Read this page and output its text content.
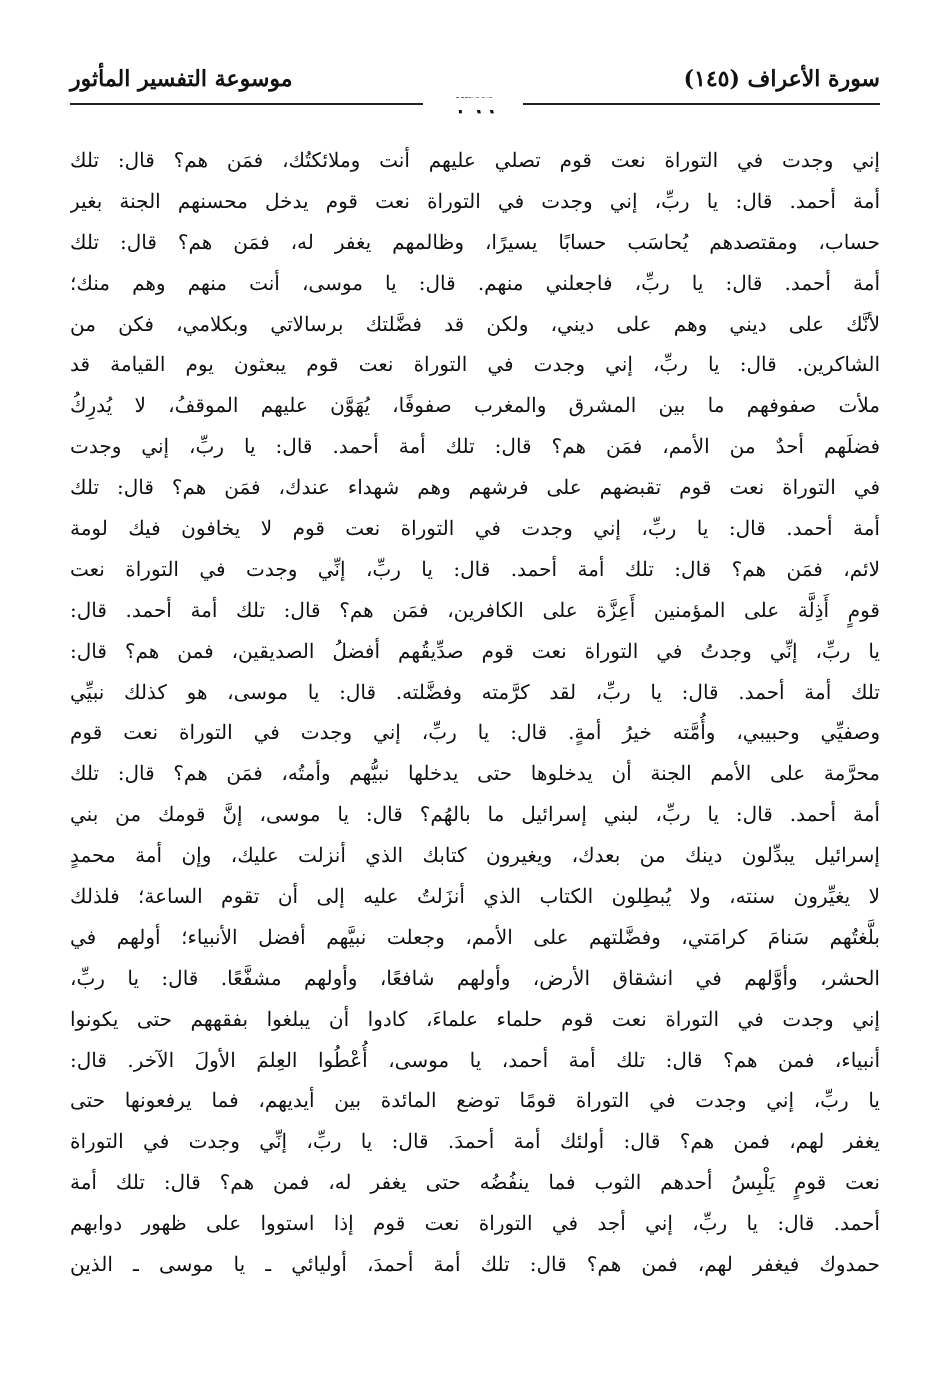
سورة الأعراف (١٤٥)
موسوعة التفسير المأثور
إني وجدت في التوراة نعت قوم تصلي عليهم أنت وملائكتُك، فمَن هم؟ قال: تلك
أمة أحمد. قال: يا ربِّ، إني وجدت في التوراة نعت قوم يدخل محسنهم الجنة بغير
حساب، ومقتصدهم يُحاسَب حسابًا يسيرًا، وظالمهم يغفر له، فمَن هم؟ قال: تلك
أمة أحمد. قال: يا ربِّ، فاجعلني منهم. قال: يا موسى، أنت منهم وهم منك؛
لأنَّك على ديني وهم على ديني، ولكن قد فضَّلتك برسالاتي وبكلامي، فكن من
الشاكرين. قال: يا ربِّ، إني وجدت في التوراة نعت قوم يبعثون يوم القيامة قد
ملأت صفوفهم ما بين المشرق والمغرب صفوفًا، يُهَوَّن عليهم الموقفُ، لا يُدرِكُ
فضلَهم أحدٌ من الأمم، فمَن هم؟ قال: تلك أمة أحمد. قال: يا ربِّ، إني وجدت
في التوراة نعت قوم تقبضهم على فرشهم وهم شهداء عندك، فمَن هم؟ قال: تلك
أمة أحمد. قال: يا ربِّ، إني وجدت في التوراة نعت قوم لا يخافون فيك لومة
لائم، فمَن هم؟ قال: تلك أمة أحمد. قال: يا ربِّ، إنِّي وجدت في التوراة نعت
قومٍ أَذِلَّة على المؤمنين أَعِزَّة على الكافرين، فمَن هم؟ قال: تلك أمة أحمد. قال:
يا ربِّ، إنِّي وجدتُ في التوراة نعت قوم صدِّيقُهم أفضلُ الصديقين، فمن هم؟ قال:
تلك أمة أحمد. قال: يا ربِّ، لقد كرَّمته وفضَّلته. قال: يا موسى، هو كذلك نبيِّي
وصفيِّي وحبيبي، وأُمَّته خيرُ أمةٍ. قال: يا ربِّ، إني وجدت في التوراة نعت قوم
محرَّمة على الأمم الجنة أن يدخلوها حتى يدخلها نبيُّهم وأمتُه، فمَن هم؟ قال: تلك
أمة أحمد. قال: يا ربِّ، لبني إسرائيل ما بالهُم؟ قال: يا موسى، إنَّ قومك من بني
إسرائيل يبدِّلون دينك من بعدك، ويغيرون كتابك الذي أنزلت عليك، وإن أمة محمدٍ
لا يغيِّرون سنته، ولا يُبطِلون الكتاب الذي أنزَلتُ عليه إلى أن تقوم الساعة؛ فلذلك
بلَّغتُهم سَنامَ كرامَتي، وفضَّلتهم على الأمم، وجعلت نبيَّهم أفضل الأنبياء؛ أولهم في
الحشر، وأوَّلهم في انشقاق الأرض، وأولهم شافعًا، وأولهم مشفَّعًا. قال: يا ربِّ،
إني وجدت في التوراة نعت قوم حلماء علماءَ، كادوا أن يبلغوا بفقههم حتى يكونوا
أنبياء، فمن هم؟ قال: تلك أمة أحمد، يا موسى، أُعْطُوا العِلمَ الأولَ الآخر. قال:
يا ربِّ، إني وجدت في التوراة قومًا توضع المائدة بين أيديهم، فما يرفعونها حتى
يغفر لهم، فمن هم؟ قال: أولئك أمة أحمدَ. قال: يا ربِّ، إنِّي وجدت في التوراة
نعت قومٍ يَلْبِسُ أحدهم الثوب فما ينفُضُه حتى يغفر له، فمن هم؟ قال: تلك أمة
أحمد. قال: يا ربِّ، إني أجد في التوراة نعت قوم إذا استووا على ظهور دوابهم
حمدوك فيغفر لهم، فمن هم؟ قال: تلك أمة أحمدَ، أوليائي ـ يا موسى ـ الذين
